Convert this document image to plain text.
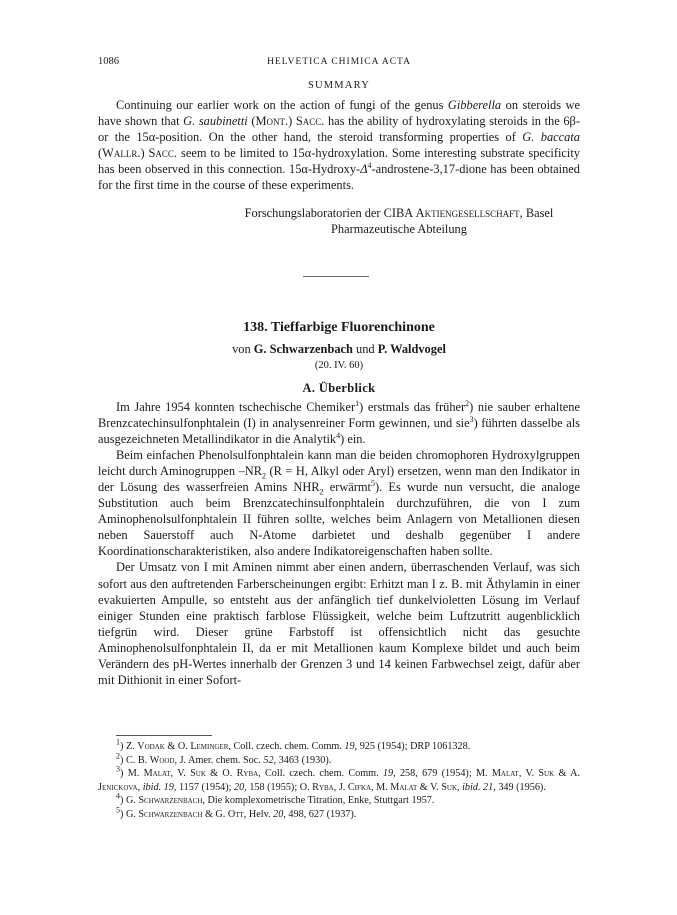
1086	HELVETICA CHIMICA ACTA
SUMMARY

Continuing our earlier work on the action of fungi of the genus Gibberella on steroids we have shown that G. saubinetti (Mont.) Sacc. has the ability of hydroxylating steroids in the 6β- or the 15α-position. On the other hand, the steroid transforming properties of G. baccata (Wallr.) Sacc. seem to be limited to 15α-hydroxylation. Some interesting substrate specificity has been observed in this connection. $15\alpha-Hydroxy-\Delta^4-androstene-3,17$-dione has been obtained for the first time in the course of these experiments.

Forschungslaboratorien der CIBA Aktiengesellschaft, Basel
Pharmazeutische Abteilung
138. Tieffarbige Fluorenchinone
von G. Schwarzenbach und P. Waldvogel
(20. IV. 60)
A. Überblick

Im Jahre 1954 konnten tschechische Chemiker$^1$) erstmals das früher$^2$) nie sauber erhaltene Brenzcatechinsulfonphtalein (I) in analysenreiner Form gewinnen, und sie$^3$) führten dasselbe als ausgezeichneten Metallindikator in die Analytik$^4$) ein.

Beim einfachen Phenolsulfonphtalein kann man die beiden chromophoren Hydroxylgruppen leicht durch Aminogruppen $-NR_2$ (R = H, Alkyl oder Aryl) ersetzen, wenn man den Indikator in der Lösung des wasserfreien Amins $NHR_2$ erwärmt$^5$). Es wurde nun versucht, die analoge Substitution auch beim Brenzcatechinsulfonphtalein durchzuführen, die von I zum Aminophenolsulfonphtalein II führen sollte, welches beim Anlagern von Metallionen diesen neben Sauerstoff auch N-Atome darbietet und deshalb gegenüber I andere Koordinationscharakteristiken, also andere Indikatoreigenschaften haben sollte.

Der Umsatz von I mit Aminen nimmt aber einen andern, überraschenden Verlauf, was sich sofort aus den auftretenden Farberscheinungen ergibt: Erhitzt man I z. B. mit Äthylamin in einer evakuierten Ampulle, so entsteht aus der anfänglich tief dunkelvioletten Lösung im Verlauf einiger Stunden eine praktisch farblose Flüssigkeit, welche beim Luftzutritt augenblicklich tiefgrün wird. Dieser grüne Farbstoff ist offensichtlich nicht das gesuchte Aminophenolsulfonphtalein II, da er mit Metallionen kaum Komplexe bildet und auch beim Verändern des pH-Wertes innerhalb der Grenzen 3 und 14 keinen Farbwechsel zeigt, dafür aber mit Dithionit in einer Sofort-

$^1$) Z. Vodak & O. Leminger, Coll. czech. chem. Comm. 19, 925 (1954); DRP 1061328.
$^2$) C. B. Wood, J. Amer. chem. Soc. 52, 3463 (1930).
$^3$) M. Malat, V. Suk & O. Ryba, Coll. czech. chem. Comm. 19, 258, 679 (1954); M. Malat, V. Suk & A. Jenickova, ibid. 19, 1157 (1954); 20, 158 (1955); O. Ryba, J. Cifka, M. Malat & V. Suk, ibid. 21, 349 (1956).
$^4$) G. Schwarzenbach, Die komplexometrische Titration, Enke, Stuttgart 1957.
$^5$) G. Schwarzenbach & G. Ott, Helv. 20, 498, 627 (1937).
